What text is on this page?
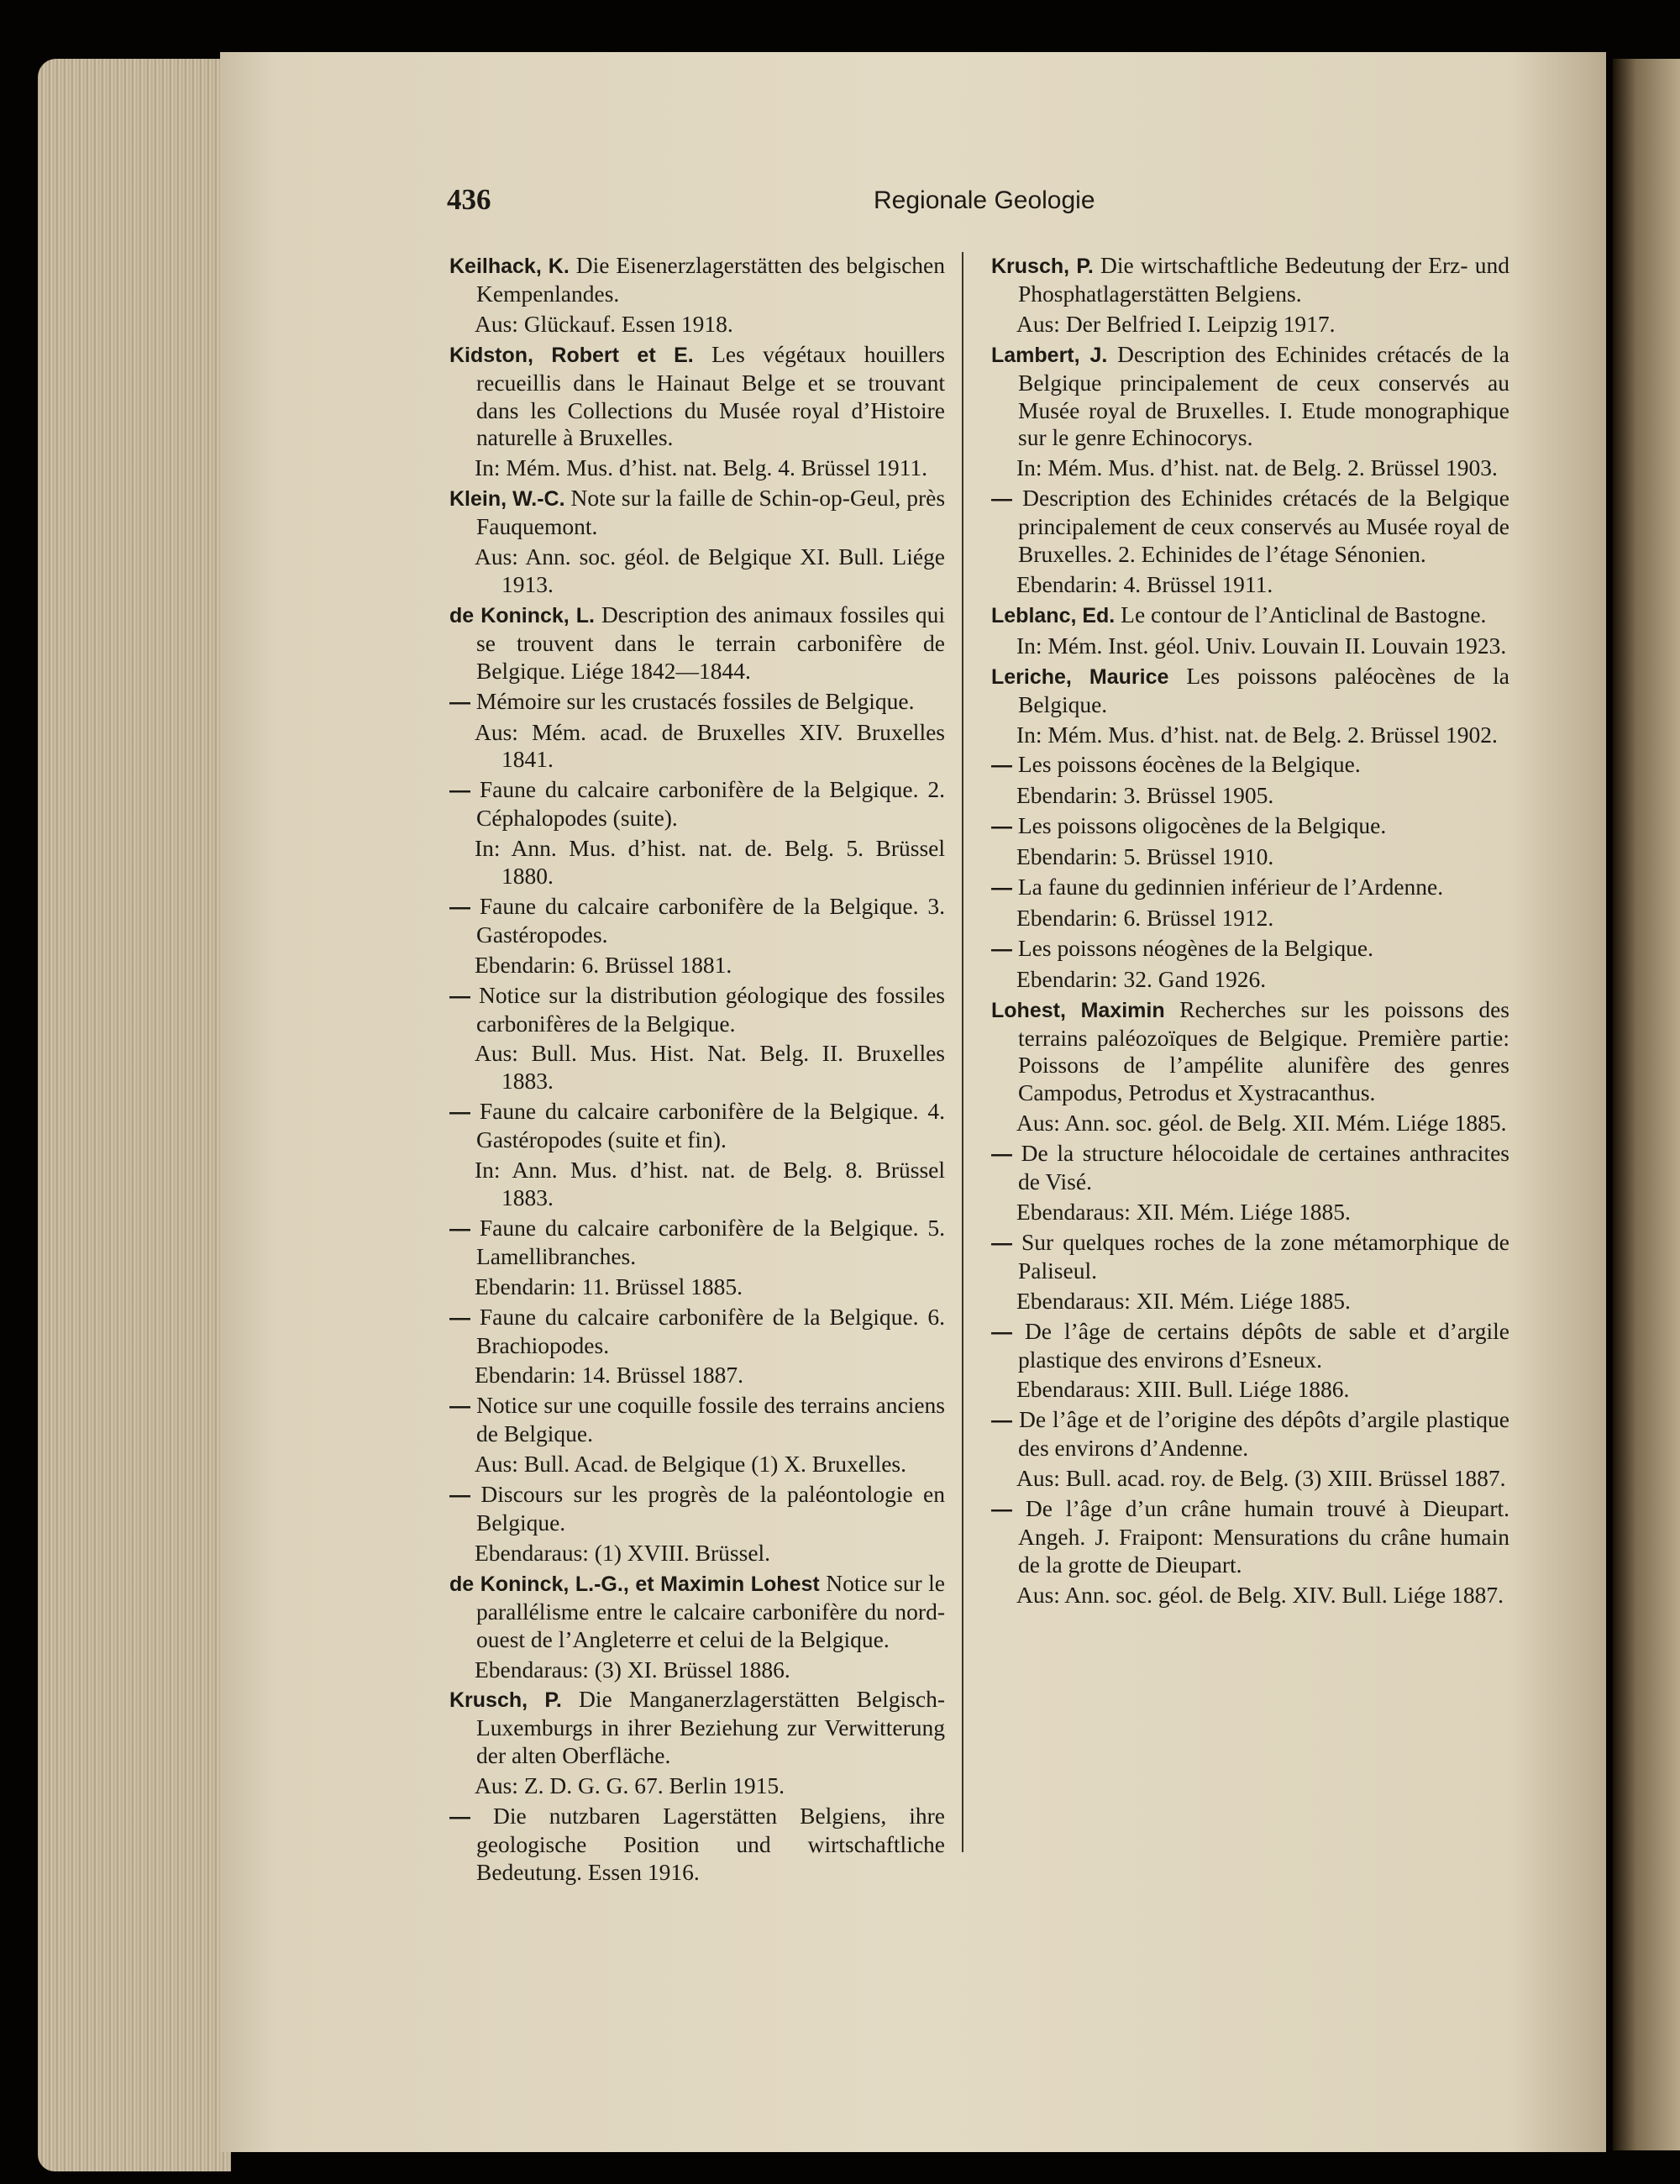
436	Regionale Geologie

Keilhack, K. Die Eisenerzlagerstätten des belgischen Kempenlandes.

Aus: Glückauf. Essen 1918.

Kidston, Robert et E. Les végétaux houillers recueillis dans le Hainaut Belge et se trouvant dans les Collections du Musée royal d’Histoire naturelle à Bruxelles.

In: Mém. Mus. d’hist. nat. Belg. 4. Brüssel 1911.

Klein, W.-C. Note sur la faille de Schin-op-Geul, près Fauquemont.

Aus: Ann. soc. géol. de Belgique XI. Bull. Liége 1913.

de Koninck, L. Description des animaux fossiles qui se trouvent dans le terrain carbonifère de Belgique. Liége 1842—1844.

— Mémoire sur les crustacés fossiles de Belgique.

Aus: Mém. acad. de Bruxelles XIV. Bruxelles 1841.

— Faune du calcaire carbonifère de la Belgique. 2. Céphalopodes (suite).

In: Ann. Mus. d’hist. nat. de. Belg. 5. Brüssel 1880.

— Faune du calcaire carbonifère de la Belgique. 3. Gastéropodes.

Ebendarin: 6. Brüssel 1881.

— Notice sur la distribution géologique des fossiles carbonifères de la Belgique.

Aus: Bull. Mus. Hist. Nat. Belg. II. Bruxelles 1883.

— Faune du calcaire carbonifère de la Belgique. 4. Gastéropodes (suite et fin).

In: Ann. Mus. d’hist. nat. de Belg. 8. Brüssel 1883.

— Faune du calcaire carbonifère de la Belgique. 5. Lamellibranches.

Ebendarin: 11. Brüssel 1885.

— Faune du calcaire carbonifère de la Belgique. 6. Brachiopodes.

Ebendarin: 14. Brüssel 1887.

— Notice sur une coquille fossile des terrains anciens de Belgique.

Aus: Bull. Acad. de Belgique (1) X. Bruxelles.

— Discours sur les progrès de la paléontologie en Belgique.

Ebendaraus: (1) XVIII. Brüssel.

de Koninck, L.-G., et Maximin Lohest Notice sur le parallélisme entre le calcaire carbonifère du nord-ouest de l’Angleterre et celui de la Belgique.

Ebendaraus: (3) XI. Brüssel 1886.

Krusch, P. Die Manganerzlagerstätten Belgisch-Luxemburgs in ihrer Beziehung zur Verwitterung der alten Oberfläche.

Aus: Z. D. G. G. 67. Berlin 1915.

— Die nutzbaren Lagerstätten Belgiens, ihre geologische Position und wirtschaftliche Bedeutung. Essen 1916.

Krusch, P. Die wirtschaftliche Bedeutung der Erz- und Phosphatlagerstätten Belgiens.

Aus: Der Belfried I. Leipzig 1917.

Lambert, J. Description des Echinides crétacés de la Belgique principalement de ceux conservés au Musée royal de Bruxelles. I. Etude monographique sur le genre Echinocorys.

In: Mém. Mus. d’hist. nat. de Belg. 2. Brüssel 1903.

— Description des Echinides crétacés de la Belgique principalement de ceux conservés au Musée royal de Bruxelles. 2. Echinides de l’étage Sénonien.

Ebendarin: 4. Brüssel 1911.

Leblanc, Ed. Le contour de l’Anticlinal de Bastogne.

In: Mém. Inst. géol. Univ. Louvain II. Louvain 1923.

Leriche, Maurice Les poissons paléocènes de la Belgique.

In: Mém. Mus. d’hist. nat. de Belg. 2. Brüssel 1902.

— Les poissons éocènes de la Belgique.

Ebendarin: 3. Brüssel 1905.

— Les poissons oligocènes de la Belgique.

Ebendarin: 5. Brüssel 1910.

— La faune du gedinnien inférieur de l’Ardenne.

Ebendarin: 6. Brüssel 1912.

— Les poissons néogènes de la Belgique.

Ebendarin: 32. Gand 1926.

Lohest, Maximin Recherches sur les poissons des terrains paléozoïques de Belgique. Première partie: Poissons de l’ampélite alunifère des genres Campodus, Petrodus et Xystracanthus.

Aus: Ann. soc. géol. de Belg. XII. Mém. Liége 1885.

— De la structure hélocoidale de certaines anthracites de Visé.

Ebendaraus: XII. Mém. Liége 1885.

— Sur quelques roches de la zone métamorphique de Paliseul.

Ebendaraus: XII. Mém. Liége 1885.

— De l’âge de certains dépôts de sable et d’argile plastique des environs d’Esneux.

Ebendaraus: XIII. Bull. Liége 1886.

— De l’âge et de l’origine des dépôts d’argile plastique des environs d’Andenne.

Aus: Bull. acad. roy. de Belg. (3) XIII. Brüssel 1887.

— De l’âge d’un crâne humain trouvé à Dieupart. Angeh. J. Fraipont: Mensurations du crâne humain de la grotte de Dieupart.

Aus: Ann. soc. géol. de Belg. XIV. Bull. Liége 1887.
